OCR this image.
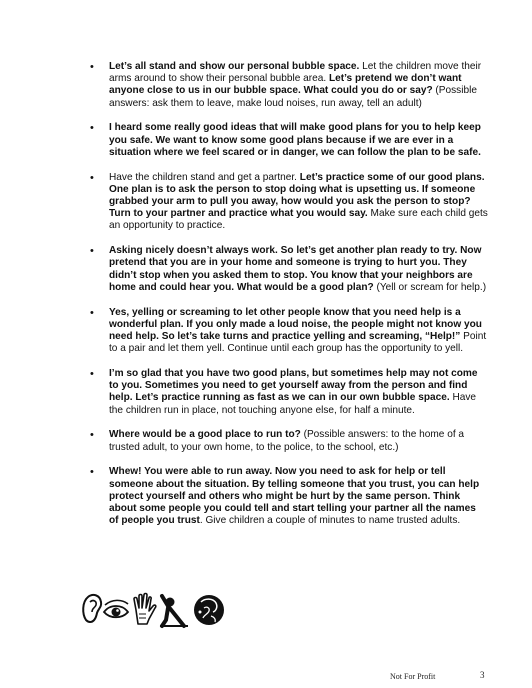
• Let’s all stand and show our personal bubble space. Let the children move their arms around to show their personal bubble area. Let’s pretend we don’t want anyone close to us in our bubble space. What could you do or say? (Possible answers: ask them to leave, make loud noises, run away, tell an adult)
• I heard some really good ideas that will make good plans for you to help keep you safe. We want to know some good plans because if we are ever in a situation where we feel scared or in danger, we can follow the plan to be safe.
• Have the children stand and get a partner. Let’s practice some of our good plans. One plan is to ask the person to stop doing what is upsetting us. If someone grabbed your arm to pull you away, how would you ask the person to stop? Turn to your partner and practice what you would say. Make sure each child gets an opportunity to practice.
• Asking nicely doesn’t always work. So let’s get another plan ready to try. Now pretend that you are in your home and someone is trying to hurt you. They didn’t stop when you asked them to stop. You know that your neighbors are home and could hear you. What would be a good plan? (Yell or scream for help.)
• Yes, yelling or screaming to let other people know that you need help is a wonderful plan. If you only made a loud noise, the people might not know you need help. So let’s take turns and practice yelling and screaming, “Help!” Point to a pair and let them yell. Continue until each group has the opportunity to yell.
• I’m so glad that you have two good plans, but sometimes help may not come to you. Sometimes you need to get yourself away from the person and find help. Let’s practice running as fast as we can in our own bubble space. Have the children run in place, not touching anyone else, for half a minute.
• Where would be a good place to run to? (Possible answers: to the home of a trusted adult, to your own home, to the police, to the school, etc.)
• Whew! You were able to run away. Now you need to ask for help or tell someone about the situation. By telling someone that you trust, you can help protect yourself and others who might be hurt by the same person. Think about some people you could tell and start telling your partner all the names of people you trust. Give children a couple of minutes to name trusted adults.
Not For Profit	3
